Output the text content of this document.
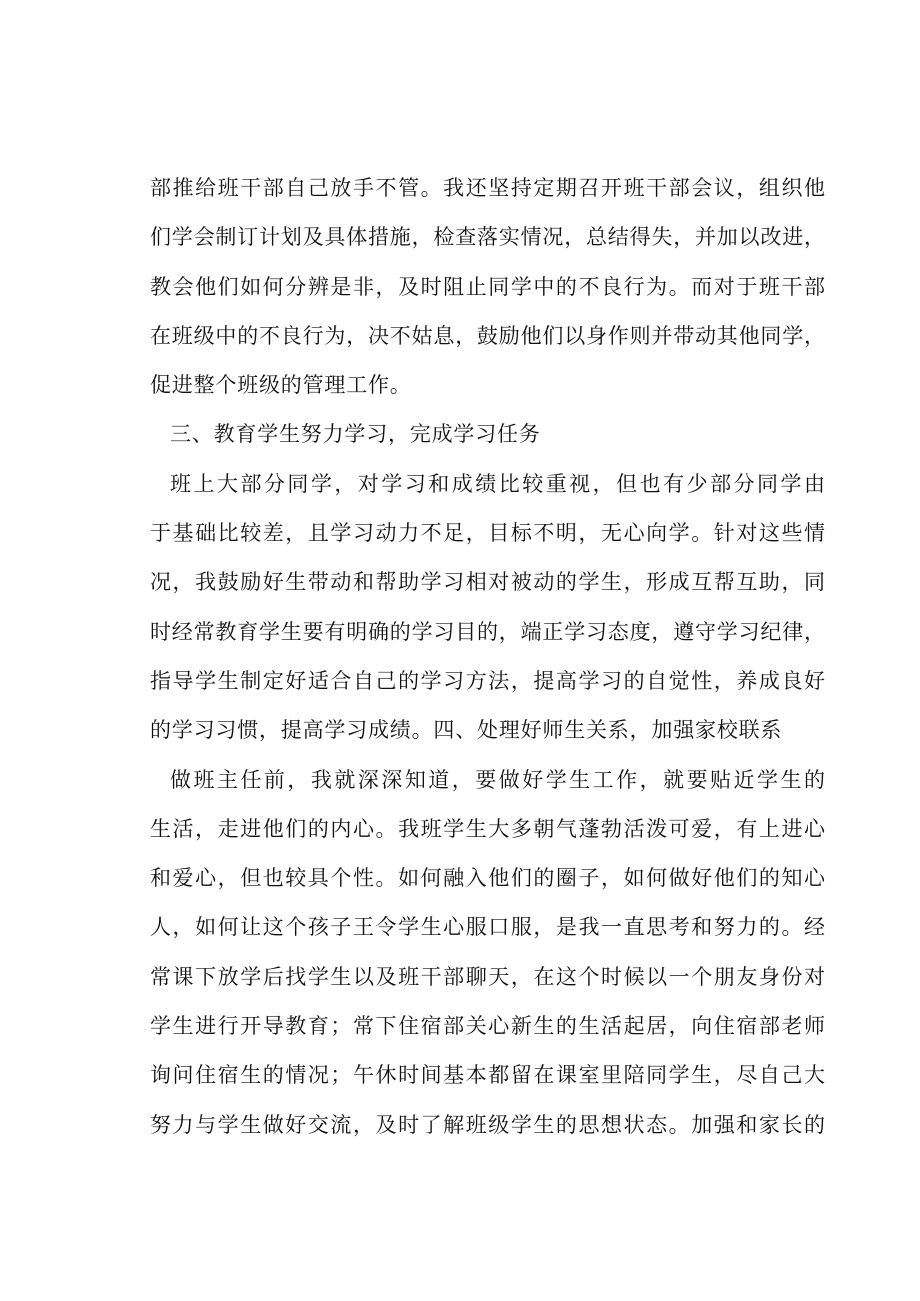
部推给班干部自己放手不管。我还坚持定期召开班干部会议，组织他
们学会制订计划及具体措施，检查落实情况，总结得失，并加以改进，
教会他们如何分辨是非，及时阻止同学中的不良行为。而对于班干部
在班级中的不良行为，决不姑息，鼓励他们以身作则并带动其他同学，
促进整个班级的管理工作。
三、教育学生努力学习，完成学习任务
班上大部分同学，对学习和成绩比较重视，但也有少部分同学由
于基础比较差，且学习动力不足，目标不明，无心向学。针对这些情
况，我鼓励好生带动和帮助学习相对被动的学生，形成互帮互助，同
时经常教育学生要有明确的学习目的，端正学习态度，遵守学习纪律，
指导学生制定好适合自己的学习方法，提高学习的自觉性，养成良好
的学习习惯，提高学习成绩。四、处理好师生关系，加强家校联系
做班主任前，我就深深知道，要做好学生工作，就要贴近学生的
生活，走进他们的内心。我班学生大多朝气蓬勃活泼可爱，有上进心
和爱心，但也较具个性。如何融入他们的圈子，如何做好他们的知心
人，如何让这个孩子王令学生心服口服，是我一直思考和努力的。经
常课下放学后找学生以及班干部聊天，在这个时候以一个朋友身份对
学生进行开导教育；常下住宿部关心新生的生活起居，向住宿部老师
询问住宿生的情况；午休时间基本都留在课室里陪同学生，尽自己大
努力与学生做好交流，及时了解班级学生的思想状态。加强和家长的
